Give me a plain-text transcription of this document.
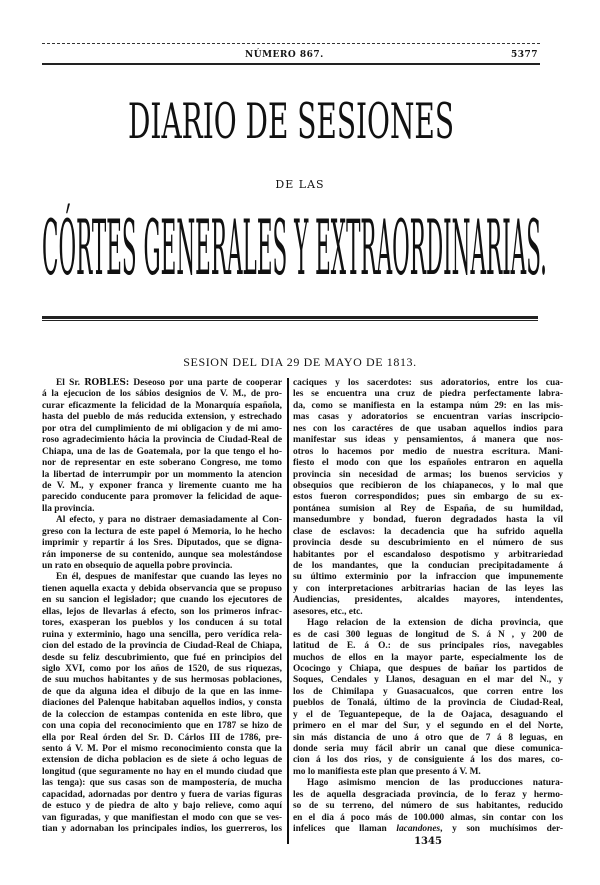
NÚMERO 867.	5377
DIARIO DE SESIONES
DE LAS
CÓRTES GENERALES Y EXTRAORDINARIAS.
SESION DEL DIA 29 DE MAYO DE 1813.
El Sr. ROBLES: Deseoso por una parte de cooperar
á la ejecucion de los sábios designios de V. M., de pro-
curar eficazmente la felicidad de la Monarquía española,
hasta del pueblo de más reducida extension, y estrechado
por otra del cumplimiento de mi obligacion y de mi amo-
roso agradecimiento hácia la provincia de Ciudad-Real de
Chiapa, una de las de Goatemala, por la que tengo el ho-
nor de representar en este soberano Congreso, me tomo
la libertad de interrumpir por un mommento la atencion
de V. M., y exponer franca y liremente cuanto me ha
parecido conducente para promover la felicidad de aque-
lla provincia.
Al efecto, y para no distraer demasiadamente al Con-
greso con la lectura de este papel ó Memoria, lo he hecho
imprimir y repartir á los Sres. Diputados, que se digna-
rán imponerse de su contenido, aunque sea molestándose
un rato en obsequio de aquella pobre provincia.
En él, despues de manifestar que cuando las leyes no
tienen aquella exacta y debida observancia que se propuso
en su sancion el legislador; que cuando los ejecutores de
ellas, lejos de llevarlas á efecto, son los primeros infrac-
tores, exasperan los pueblos y los conducen á su total
ruina y exterminio, hago una sencilla, pero verídica rela-
cion del estado de la provincia de Ciudad-Real de Chiapa,
desde su feliz descubrimiento, que fué en principios del
siglo XVI, como por los años de 1520, de sus riquezas,
de suu muchos habitantes y de sus hermosas poblaciones,
de que da alguna idea el dibujo de la que en las inme-
diaciones del Palenque habitaban aquellos indios, y consta
de la coleccion de estampas contenida en este libro, que
con una copia del reconocimiento que en 1787 se hizo de
ella por Real órden del Sr. D. Cárlos III de 1786, pre-
sento á V. M. Por el mismo reconocimiento consta que la
extension de dicha poblacion es de siete á ocho leguas de
longitud (que seguramente no hay en el mundo ciudad que
las tenga): que sus casas son de mampostería, de mucha
capacidad, adornadas por dentro y fuera de varias figuras
de estuco y de piedra de alto y bajo relieve, como aquí
van figuradas, y que manifiestan el modo con que se ves-
tian y adornaban los principales indios, los guerreros, los
caciques y los sacerdotes: sus adoratorios, entre los cua-
les se encuentra una cruz de piedra perfectamente labra-
da, como se manifiesta en la estampa núm 29: en las mis-
mas casas y adoratorios se encuentran varias inscripcio-
nes con los caractéres de que usaban aquellos indios para
manifestar sus ideas y pensamientos, á manera que nos-
otros lo hacemos por medio de nuestra escritura. Mani-
fiesto el modo con que los españoles entraron en aquella
provincia sin necesidad de armas; los buenos servicios y
obsequios que recibieron de los chiapanecos, y lo mal que
estos fueron correspondidos; pues sin embargo de su ex-
pontánea sumision al Rey de España, de su humildad,
mansedumbre y bondad, fueron degradados hasta la vil
clase de esclavos: la decadencia que ha sufrido aquella
provincia desde su descubrimiento en el número de sus
habitantes por el escandaloso despotismo y arbitrariedad
de los mandantes, que la conducian precipitadamente á
su último exterminio por la infraccion que impunemente
y con interpretaciones arbitrarias hacian de las leyes las
Audiencias, presidentes, alcaldes mayores, intendentes,
asesores, etc., etc.
Hago relacion de la extension de dicha provincia, que
es de casi 300 leguas de longitud de S. á N , y 200 de
latitud de E. á O.: de sus principales rios, navegables
muchos de ellos en la mayor parte, especialmente los de
Ococingo y Chiapa, que despues de bañar los partidos de
Soques, Cendales y Llanos, desaguan en el mar del N., y
los de Chimilapa y Guasacualcos, que corren entre los
pueblos de Tonalá, último de la provincia de Ciudad-Real,
y el de Teguantepeque, de la de Oajaca, desaguando el
primero en el mar del Sur, y el segundo en el del Norte,
sin más distancia de uno á otro que de 7 á 8 leguas, en
donde seria muy fácil abrir un canal que diese comunica-
cion á los dos rios, y de consiguiente á los dos mares, co-
mo lo manifiesta este plan que presento á V. M.
Hago asimismo mencion de las producciones natura-
les de aquella desgraciada provincia, de lo feraz y hermo-
so de su terreno, del número de sus habitantes, reducido
en el dia á poco más de 100.000 almas, sin contar con los
infelices que llaman lacandones, y son muchísimos der-
1345
